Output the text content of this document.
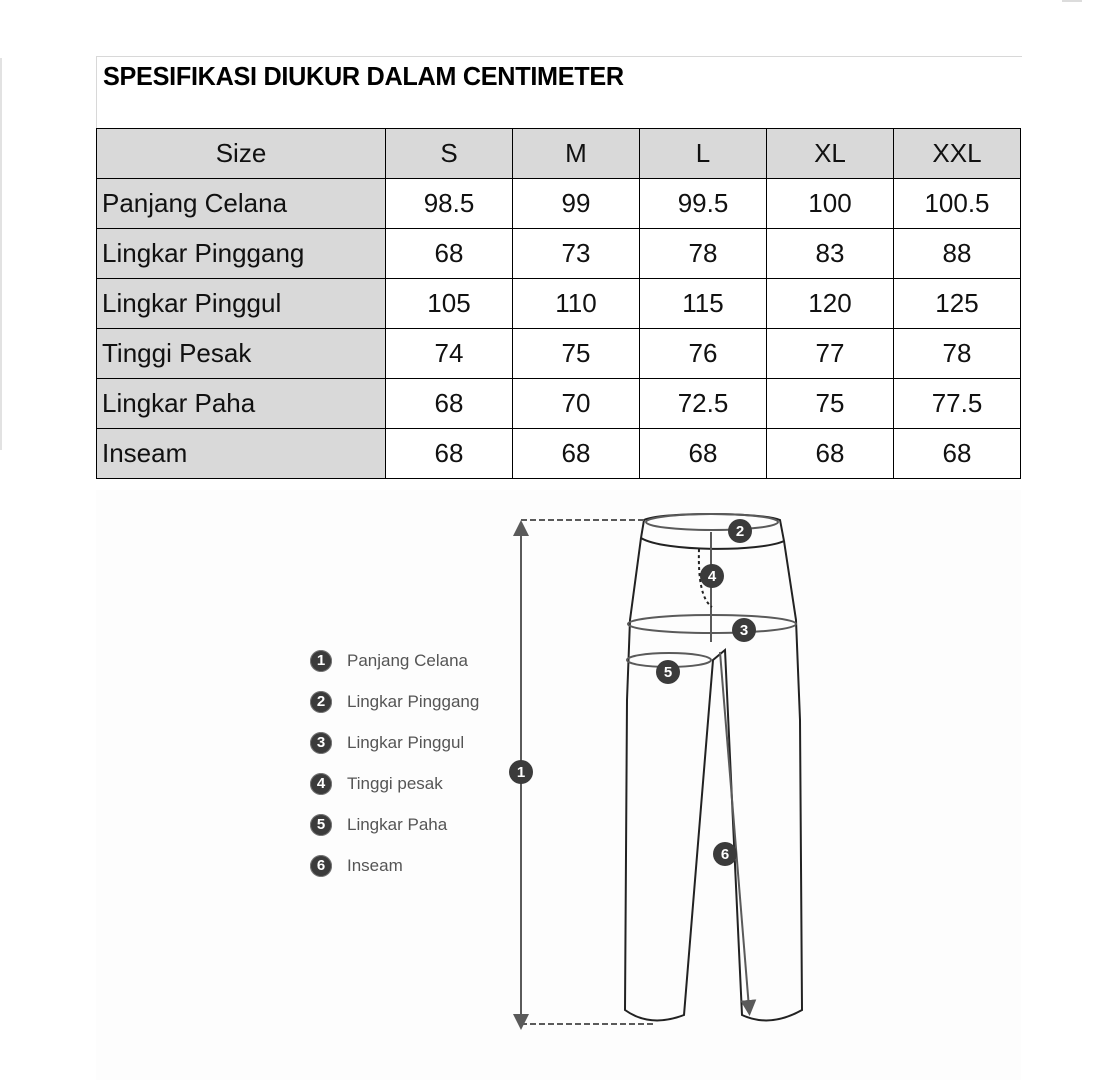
SPESIFIKASI DIUKUR DALAM CENTIMETER
Size	S	M	L	XL	XXL
Panjang Celana	98.5	99	99.5	100	100.5
Lingkar Pinggang	68	73	78	83	88
Lingkar Pinggul	105	110	115	120	125
Tinggi Pesak	74	75	76	77	78
Lingkar Paha	68	70	72.5	75	77.5
Inseam	68	68	68	68	68
1
2
3
4
5
6
1	Panjang Celana
2	Lingkar Pinggang
3	Lingkar Pinggul
4	Tinggi pesak
5	Lingkar Paha
6	Inseam
